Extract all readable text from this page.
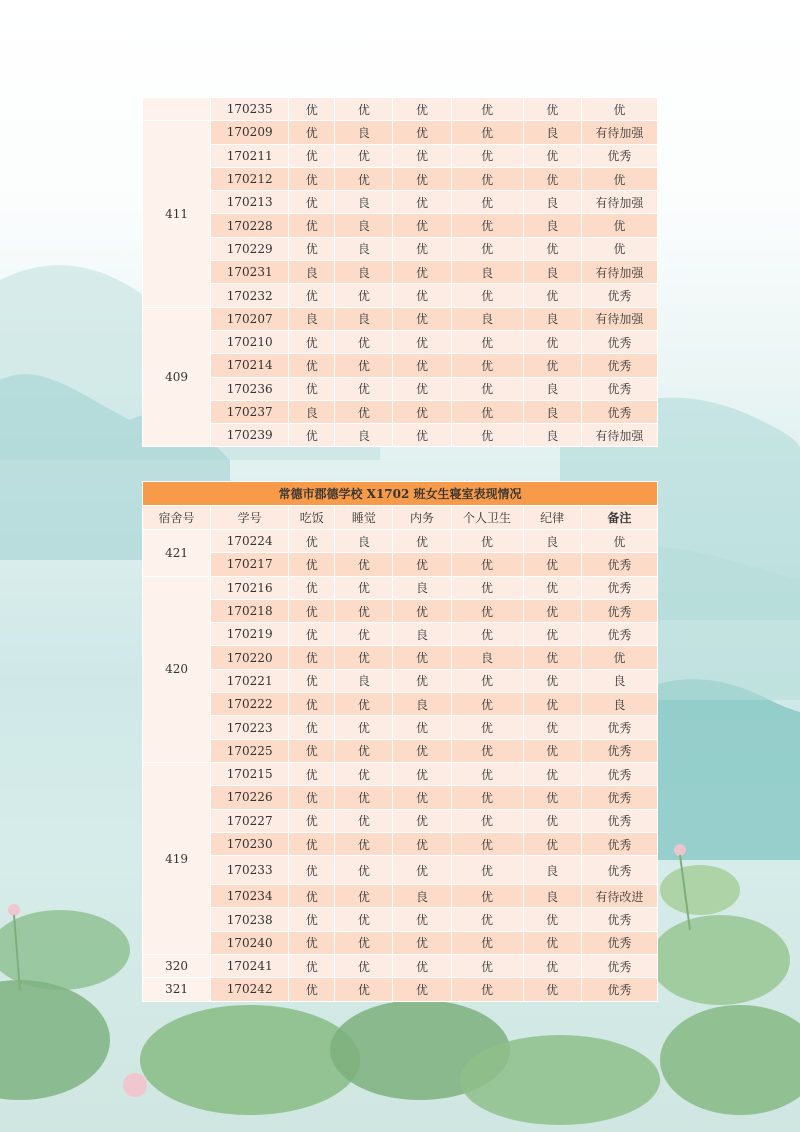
	170235	优	优	优	优	优	优
411	170209	优	良	优	优	良	有待加强
	170211	优	优	优	优	优	优秀
	170212	优	优	优	优	优	优
	170213	优	良	优	优	良	有待加强
	170228	优	良	优	优	良	优
	170229	优	良	优	优	优	优
	170231	良	良	优	良	良	有待加强
	170232	优	优	优	优	优	优秀
409	170207	良	良	优	良	良	有待加强
	170210	优	优	优	优	优	优秀
	170214	优	优	优	优	优	优秀
	170236	优	优	优	优	良	优秀
	170237	良	优	优	优	良	优秀
	170239	优	良	优	优	良	有待加强
常德市郡德学校 X1702 班女生寝室表现情况							
宿舍号	学号	吃饭	睡觉	内务	个人卫生	纪律	备注
421	170224	优	良	优	优	良	优
	170217	优	优	优	优	优	优秀
420	170216	优	优	良	优	优	优秀
	170218	优	优	优	优	优	优秀
	170219	优	优	良	优	优	优秀
	170220	优	优	优	良	优	优
	170221	优	良	优	优	优	良
	170222	优	优	良	优	优	良
	170223	优	优	优	优	优	优秀
	170225	优	优	优	优	优	优秀
419	170215	优	优	优	优	优	优秀
	170226	优	优	优	优	优	优秀
	170227	优	优	优	优	优	优秀
	170230	优	优	优	优	优	优秀
	170233	优	优	优	优	良	优秀
	170234	优	优	良	优	良	有待改进
	170238	优	优	优	优	优	优秀
	170240	优	优	优	优	优	优秀
320	170241	优	优	优	优	优	优秀
321	170242	优	优	优	优	优	优秀
